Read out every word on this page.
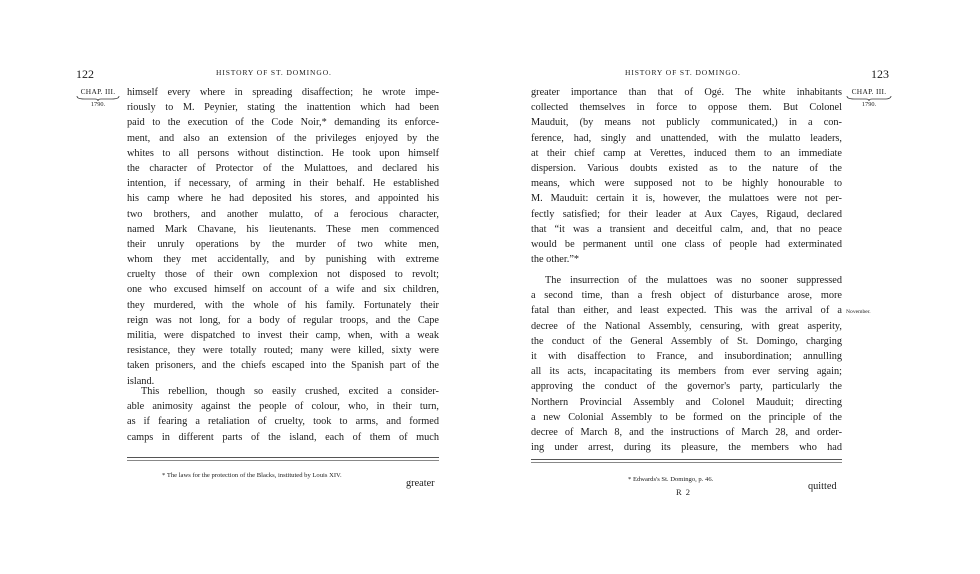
122	HISTORY OF ST. DOMINGO.
CHAP. III.
1790.
himself every where in spreading disaffection; he wrote impe-
riously to M. Peynier, stating the inattention which had been
paid to the execution of the Code Noir,* demanding its enforce-
ment, and also an extension of the privileges enjoyed by the
whites to all persons without distinction. He took upon himself
the character of Protector of the Mulattoes, and declared his
intention, if necessary, of arming in their behalf. He established
his camp where he had deposited his stores, and appointed his
two brothers, and another mulatto, of a ferocious character,
named Mark Chavane, his lieutenants. These men commenced
their unruly operations by the murder of two white men,
whom they met accidentally, and by punishing with extreme
cruelty those of their own complexion not disposed to revolt;
one who excused himself on account of a wife and six children,
they murdered, with the whole of his family. Fortunately their
reign was not long, for a body of regular troops, and the Cape
militia, were dispatched to invest their camp, when, with a weak
resistance, they were totally routed; many were killed, sixty were
taken prisoners, and the chiefs escaped into the Spanish part of the
island.
This rebellion, though so easily crushed, excited a consider-
able animosity against the people of colour, who, in their turn,
as if fearing a retaliation of cruelty, took to arms, and formed
camps in different parts of the island, each of them of much
* The laws for the protection of the Blacks, instituted by Louis XIV.
greater
HISTORY OF ST. DOMINGO.	123
CHAP. III.
1790.
November.
greater importance than that of Ogé. The white inhabitants
collected themselves in force to oppose them. But Colonel
Mauduit, (by means not publicly communicated,) in a con-
ference, had, singly and unattended, with the mulatto leaders,
at their chief camp at Verettes, induced them to an immediate
dispersion. Various doubts existed as to the nature of the
means, which were supposed not to be highly honourable to
M. Mauduit: certain it is, however, the mulattoes were not per-
fectly satisfied; for their leader at Aux Cayes, Rigaud, declared
that “it was a transient and deceitful calm, and, that no peace
would be permanent until one class of people had exterminated
the other.”*
The insurrection of the mulattoes was no sooner suppressed
a second time, than a fresh object of disturbance arose, more
fatal than either, and least expected. This was the arrival of a
decree of the National Assembly, censuring, with great asperity,
the conduct of the General Assembly of St. Domingo, charging
it with disaffection to France, and insubordination; annulling
all its acts, incapacitating its members from ever serving again;
approving the conduct of the governor's party, particularly the
Northern Provincial Assembly and Colonel Mauduit; directing
a new Colonial Assembly to be formed on the principle of the
decree of March 8, and the instructions of March 28, and order-
ing under arrest, during its pleasure, the members who had
* Edwards's St. Domingo, p. 46.
R 2	quitted
